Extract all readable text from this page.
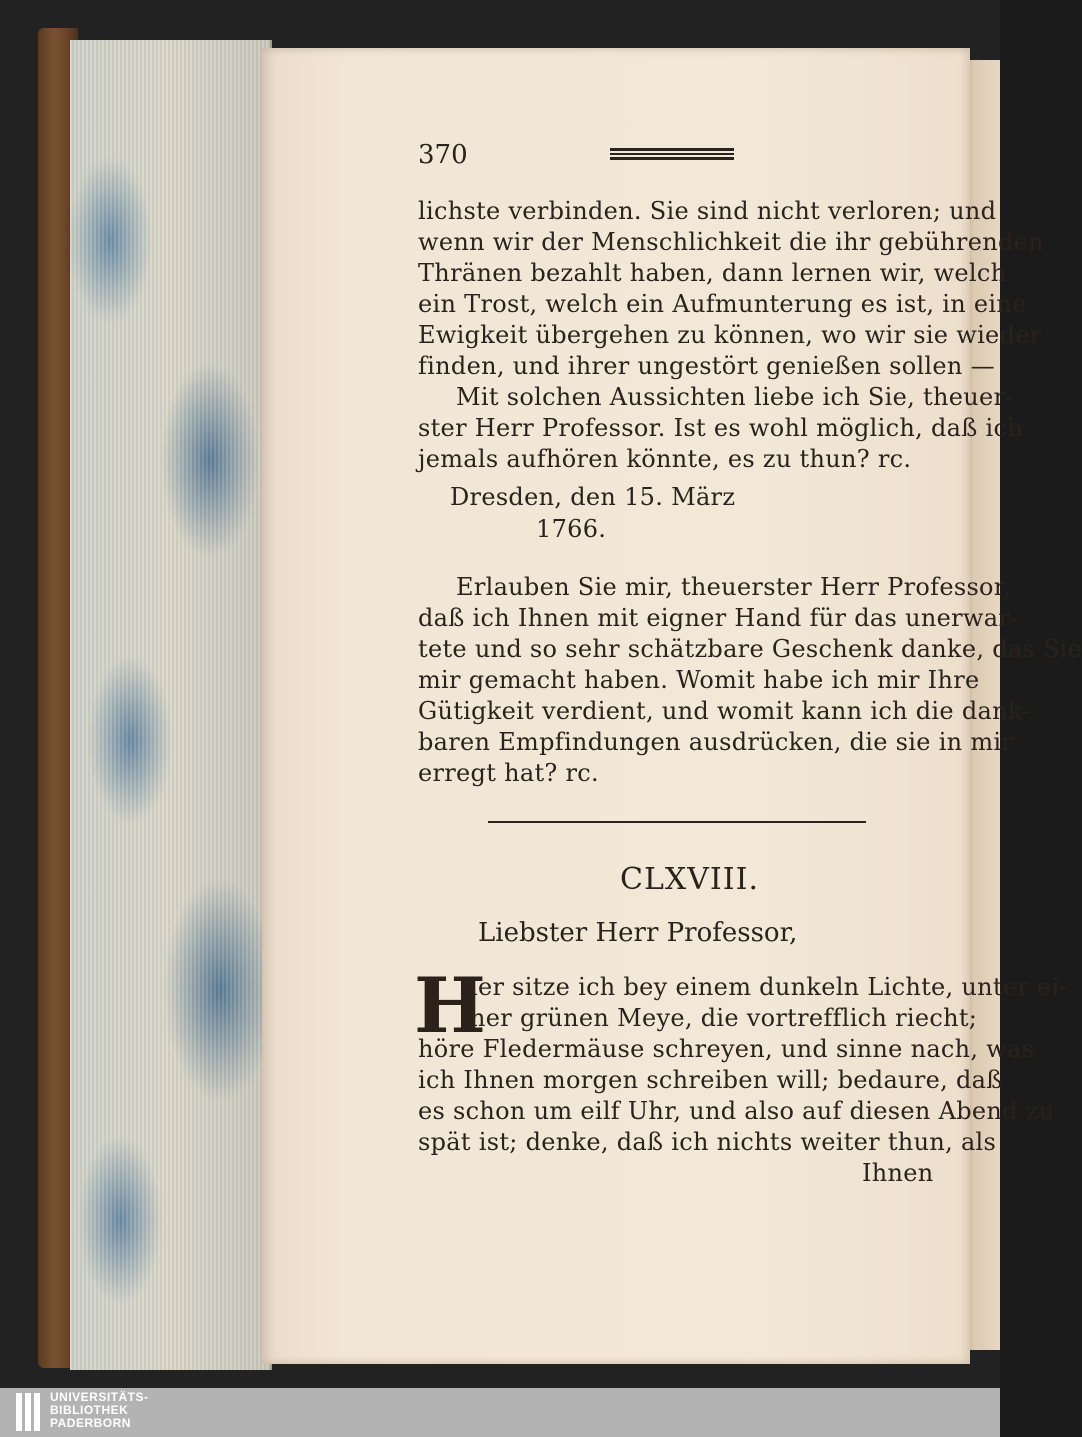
370
lichste verbinden. Sie sind nicht verloren; und
wenn wir der Menschlichkeit die ihr gebührenden
Thränen bezahlt haben, dann lernen wir, welch
ein Trost, welch ein Aufmunterung es ist, in eine
Ewigkeit übergehen zu können, wo wir sie wieder
finden, und ihrer ungestört genießen sollen —
Mit solchen Aussichten liebe ich Sie, theuer-
ster Herr Professor. Ist es wohl möglich, daß ich
jemals aufhören könnte, es zu thun? rc.
Dresden, den 15. März
1766.
Erlauben Sie mir, theuerster Herr Professor,
daß ich Ihnen mit eigner Hand für das unerwar-
tete und so sehr schätzbare Geschenk danke, das Sie
mir gemacht haben. Womit habe ich mir Ihre
Gütigkeit verdient, und womit kann ich die dank-
baren Empfindungen ausdrücken, die sie in mir
erregt hat? rc.
CLXVIII.
Liebster Herr Professor,
H
ier sitze ich bey einem dunkeln Lichte, unter ei-
ner grünen Meye, die vortrefflich riecht;
höre Fledermäuse schreyen, und sinne nach, was
ich Ihnen morgen schreiben will; bedaure, daß
es schon um eilf Uhr, und also auf diesen Abend zu
spät ist; denke, daß ich nichts weiter thun, als
Ihnen
UNIVERSITÄTS-
BIBLIOTHEK
PADERBORN
